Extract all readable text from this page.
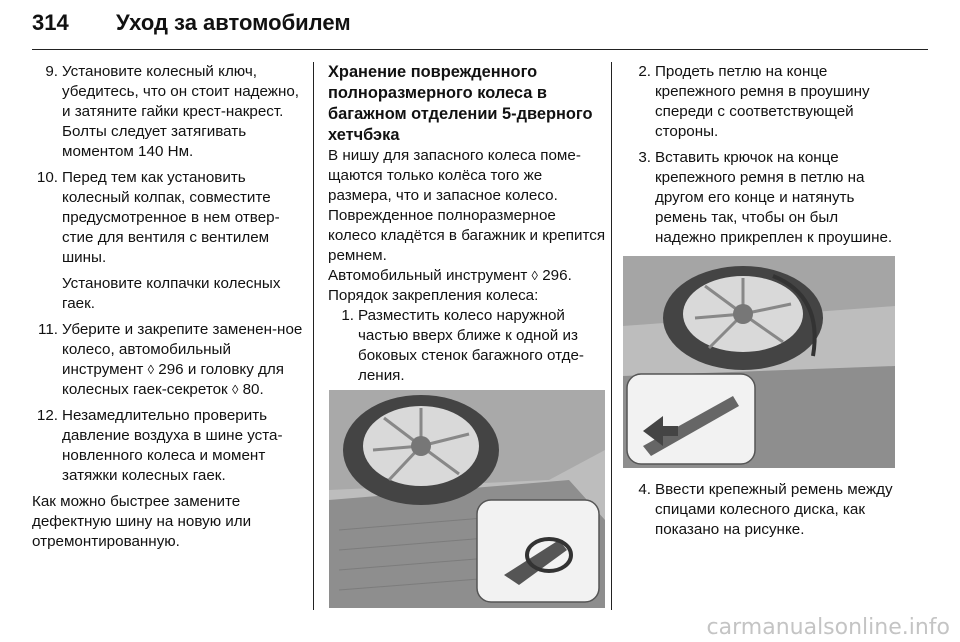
314 Уход за автомобилем
9. Установите колесный ключ, убедитесь, что он стоит надежно, и затяните гайки крест-накрест. Болты следует затягивать моментом 140 Нм.

10. Перед тем как установить колесный колпак, совместите предусмотренное в нем отвер-стие для вентиля с вентилем шины.

Установите колпачки колесных гаек.

11. Уберите и закрепите заменен-ное колесо, автомобильный инструмент ◊ 296 и головку для колесных гаек-секреток ◊ 80.

12. Незамедлительно проверить давление воздуха в шине уста-новленного колеса и момент затяжки колесных гаек.

Как можно быстрее замените дефектную шину на новую или отремонтированную.

Хранение поврежденного полноразмерного колеса в багажном отделении 5-дверного хетчбэка

В нишу для запасного колеса поме-щаются только колёса того же размера, что и запасное колесо. Поврежденное полноразмерное колесо кладётся в багажник и крепится ремнем.

Автомобильный инструмент ◊ 296.

Порядок закрепления колеса:

1. Разместить колесо наружной частью вверх ближе к одной из боковых стенок багажного отде-ления.

2. Продеть петлю на конце крепежного ремня в проушину спереди с соответствующей стороны.

3. Вставить крючок на конце крепежного ремня в петлю на другом его конце и натянуть ремень так, чтобы он был надежно прикреплен к проушине.

4. Ввести крепежный ремень между спицами колесного диска, как показано на рисунке.

carmanualsonline.info
